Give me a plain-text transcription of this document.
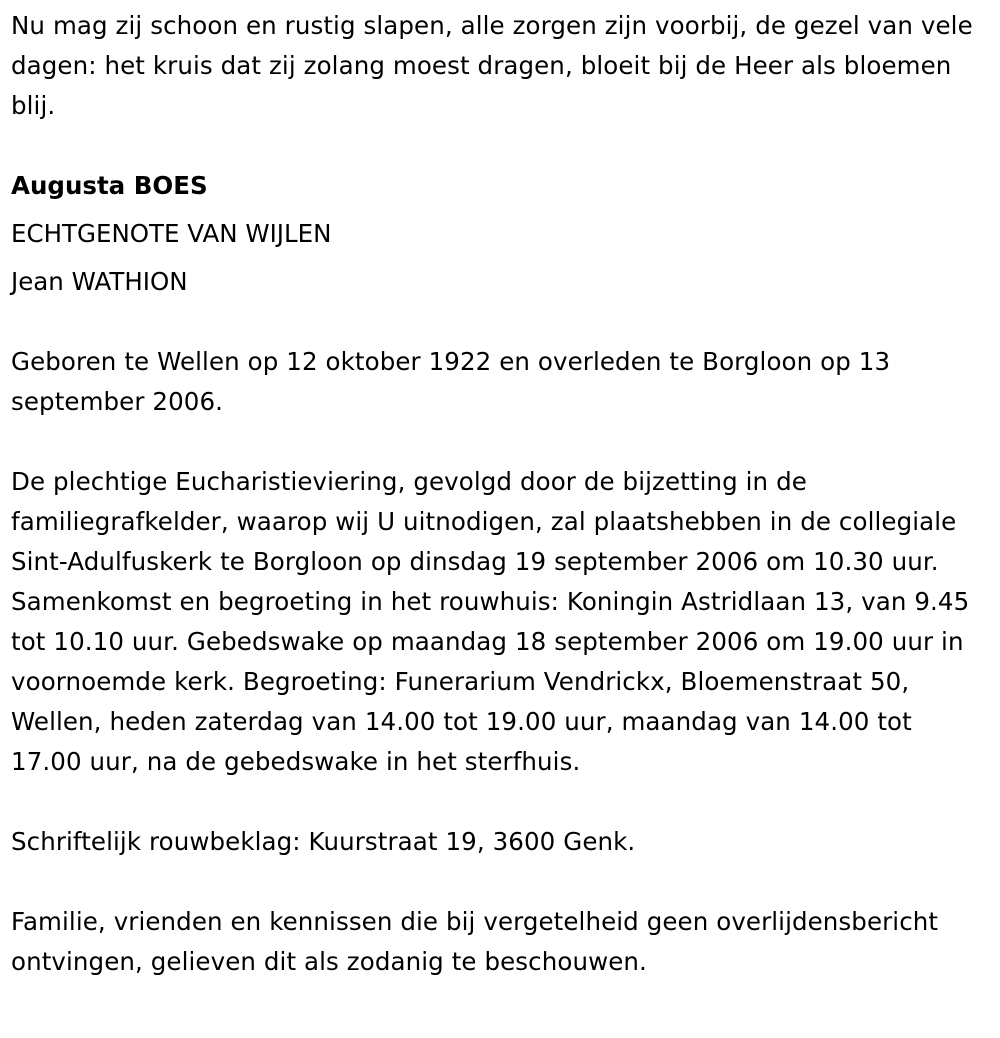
Nu mag zij schoon en rustig slapen, alle zorgen zijn voorbij, de gezel van vele dagen: het kruis dat zij zolang moest dragen, bloeit bij de Heer als bloemen blij.

Augusta BOES

ECHTGENOTE VAN WIJLEN

Jean WATHION

Geboren te Wellen op 12 oktober 1922 en overleden te Borgloon op 13 september 2006.

De plechtige Eucharistieviering, gevolgd door de bijzetting in de familiegrafkelder, waarop wij U uitnodigen, zal plaatshebben in de collegiale Sint-Adulfuskerk te Borgloon op dinsdag 19 september 2006 om 10.30 uur. Samenkomst en begroeting in het rouwhuis: Koningin Astridlaan 13, van 9.45 tot 10.10 uur. Gebedswake op maandag 18 september 2006 om 19.00 uur in voornoemde kerk. Begroeting: Funerarium Vendrickx, Bloemenstraat 50, Wellen, heden zaterdag van 14.00 tot 19.00 uur, maandag van 14.00 tot 17.00 uur, na de gebedswake in het sterfhuis.

Schriftelijk rouwbeklag: Kuurstraat 19, 3600 Genk.

Familie, vrienden en kennissen die bij vergetelheid geen overlijdensbericht ontvingen, gelieven dit als zodanig te beschouwen.
